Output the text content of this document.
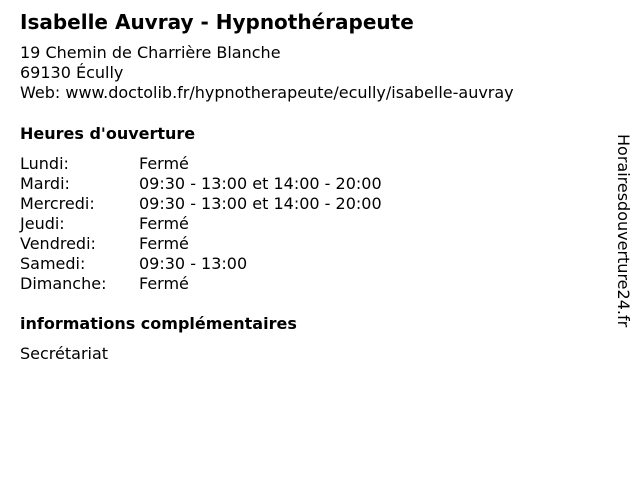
Isabelle Auvray - Hypnothérapeute
19 Chemin de Charrière Blanche
69130 Écully
Web: www.doctolib.fr/hypnotherapeute/ecully/isabelle-auvray
Heures d'ouverture
Lundi:	Fermé
Mardi:	09:30 - 13:00 et 14:00 - 20:00
Mercredi:	09:30 - 13:00 et 14:00 - 20:00
Jeudi:	Fermé
Vendredi:	Fermé
Samedi:	09:30 - 13:00
Dimanche: Fermé
informations complémentaires
Secrétariat
Horairesdouverture24.fr
